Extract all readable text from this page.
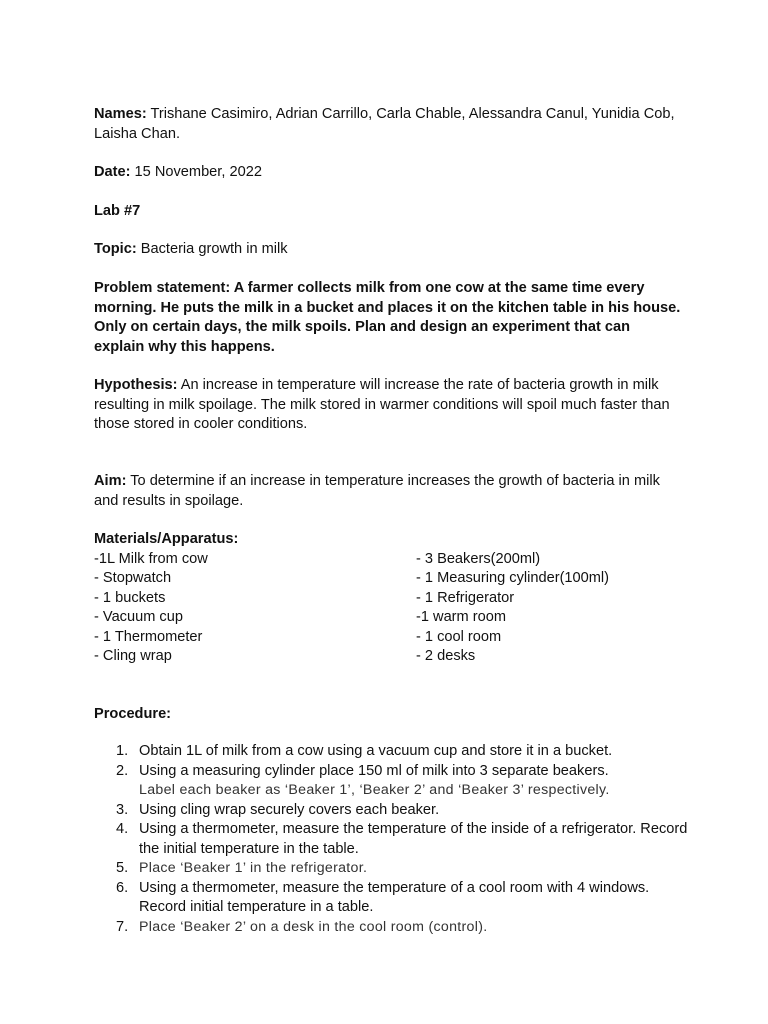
Names: Trishane Casimiro, Adrian Carrillo, Carla Chable, Alessandra Canul, Yunidia Cob, Laisha Chan.
Date: 15 November, 2022
Lab #7
Topic: Bacteria growth in milk
Problem statement: A farmer collects milk from one cow at the same time every morning. He puts the milk in a bucket and places it on the kitchen table in his house. Only on certain days, the milk spoils. Plan and design an experiment that can explain why this happens.
Hypothesis: An increase in temperature will increase the rate of bacteria growth in milk resulting in milk spoilage. The milk stored in warmer conditions will spoil much faster than those stored in cooler conditions.
Aim: To determine if an increase in temperature increases the growth of bacteria in milk and results in spoilage.
Materials/Apparatus:
-1L Milk from cow	- 3 Beakers(200ml)
- Stopwatch	- 1 Measuring cylinder(100ml)
- 1 buckets	- 1 Refrigerator
- Vacuum cup	-1 warm room
- 1 Thermometer	- 1 cool room
- Cling wrap	- 2 desks
Procedure:
1. Obtain 1L of milk from a cow using a vacuum cup and store it in a bucket.
2. Using a measuring cylinder place 150 ml of milk into 3 separate beakers.
Label each beaker as ‘Beaker 1’, ‘Beaker 2’ and ‘Beaker 3’ respectively.
3. Using cling wrap securely covers each beaker.
4. Using a thermometer, measure the temperature of the inside of a refrigerator. Record the initial temperature in the table.
5. Place ‘Beaker 1’ in the refrigerator.
6. Using a thermometer, measure the temperature of a cool room with 4 windows. Record initial temperature in a table.
7. Place ‘Beaker 2’ on a desk in the cool room (control).
